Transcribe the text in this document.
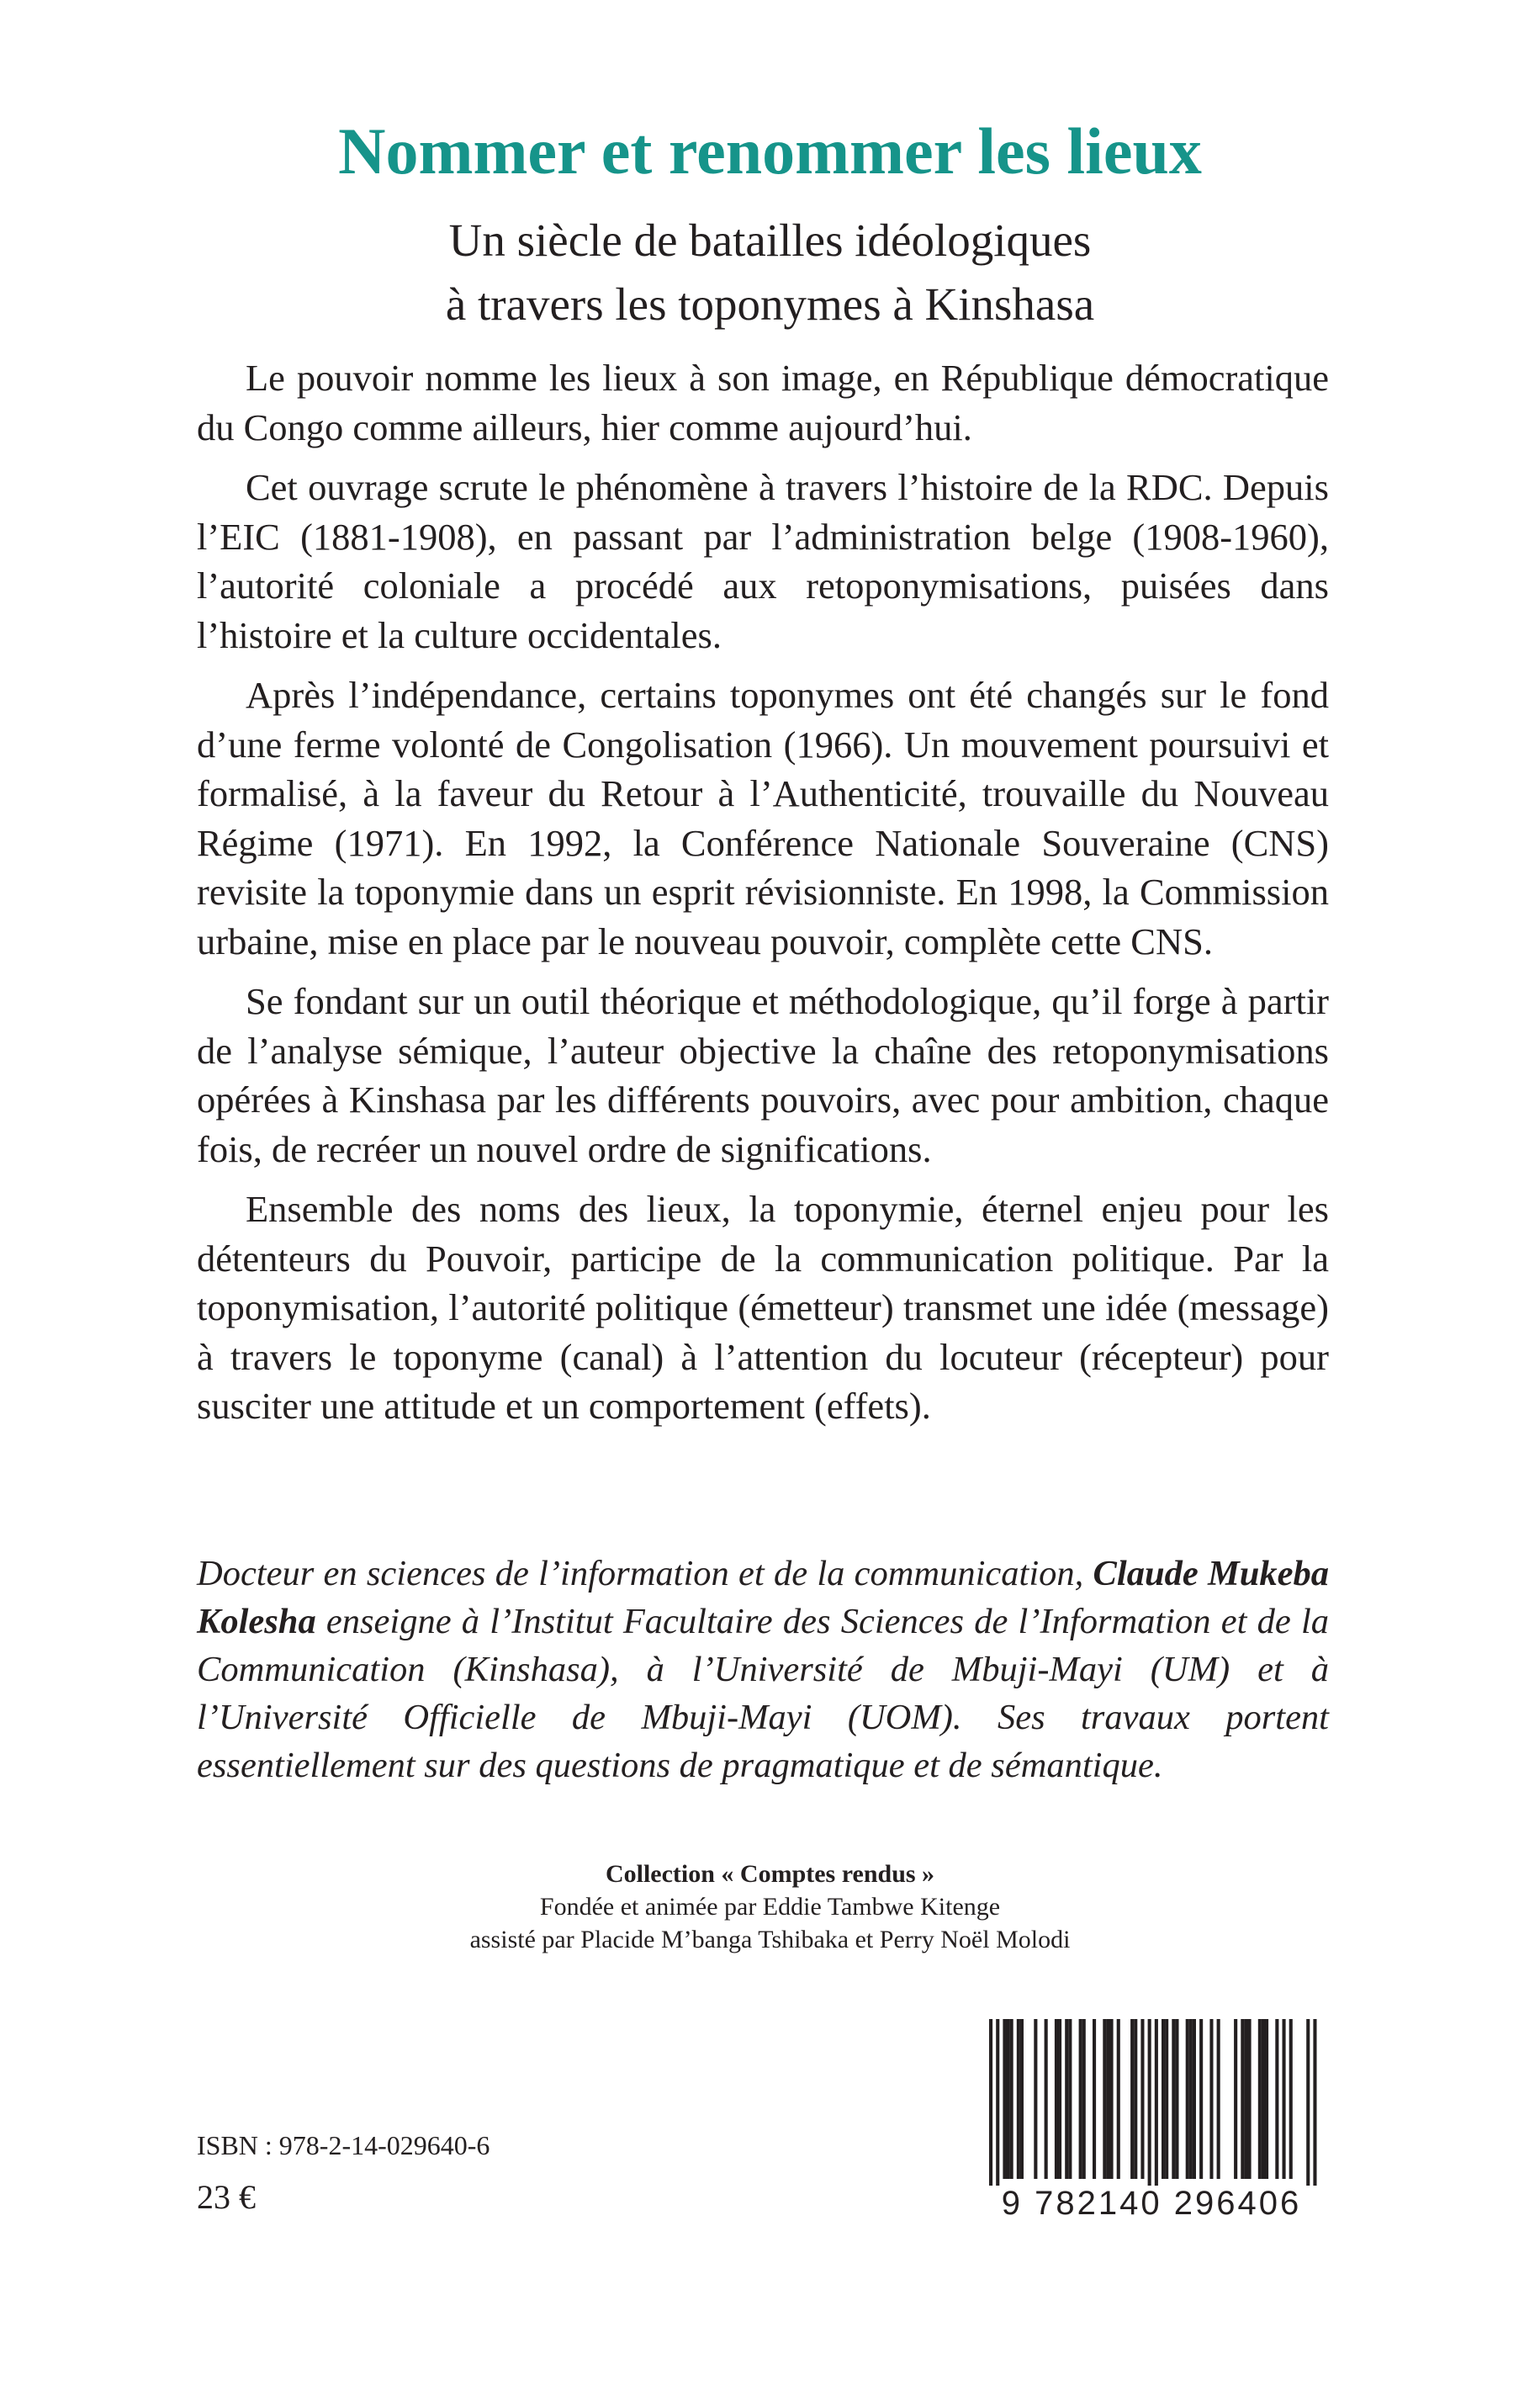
Nommer et renommer les lieux
Un siècle de batailles idéologiques
à travers les toponymes à Kinshasa

Le pouvoir nomme les lieux à son image, en République démocratique du Congo comme ailleurs, hier comme aujourd’hui.

Cet ouvrage scrute le phénomène à travers l’histoire de la RDC. Depuis l’EIC (1881-1908), en passant par l’administration belge (1908-1960), l’autorité coloniale a procédé aux retoponymisations, puisées dans l’histoire et la culture occidentales.

Après l’indépendance, certains toponymes ont été changés sur le fond d’une ferme volonté de Congolisation (1966). Un mouvement poursuivi et formalisé, à la faveur du Retour à l’Authenticité, trouvaille du Nouveau Régime (1971). En 1992, la Conférence Nationale Souveraine (CNS) revisite la toponymie dans un esprit révisionniste. En 1998, la Commission urbaine, mise en place par le nouveau pouvoir, complète cette CNS.

Se fondant sur un outil théorique et méthodologique, qu’il forge à partir de l’analyse sémique, l’auteur objective la chaîne des retoponymisations opérées à Kinshasa par les différents pouvoirs, avec pour ambition, chaque fois, de recréer un nouvel ordre de significations.

Ensemble des noms des lieux, la toponymie, éternel enjeu pour les détenteurs du Pouvoir, participe de la communication politique. Par la toponymisation, l’autorité politique (émetteur) transmet une idée (message) à travers le toponyme (canal) à l’attention du locuteur (récepteur) pour susciter une attitude et un comportement (effets).

Docteur en sciences de l’information et de la communication, Claude Mukeba Kolesha enseigne à l’Institut Facultaire des Sciences de l’Information et de la Communication (Kinshasa), à l’Université de Mbuji-Mayi (UM) et à l’Université Officielle de Mbuji-Mayi (UOM). Ses travaux portent essentiellement sur des questions de pragmatique et de sémantique.
Collection « Comptes rendus »
Fondée et animée par Eddie Tambwe Kitenge
assisté par Placide M’banga Tshibaka et Perry Noël Molodi
ISBN : 978-2-14-029640-6
23 €	9 782140 296406
